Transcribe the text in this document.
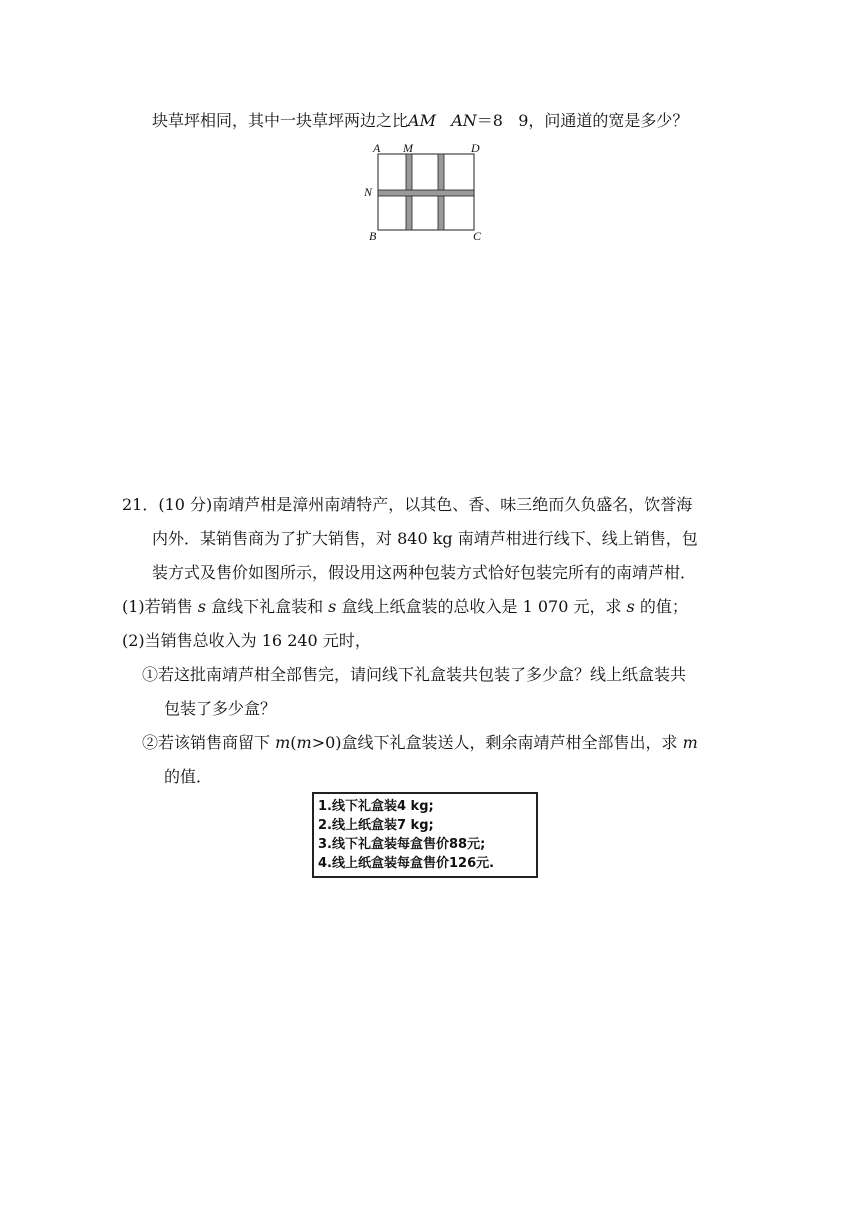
块草坪相同，其中一块草坪两边之比AM AN＝8   9，问通道的宽是多少？
A M	D
N
B	C
21．(10 分)南靖芦柑是漳州南靖特产，以其色、香、味三绝而久负盛名，饮誉海
内外．某销售商为了扩大销售，对 840 kg 南靖芦柑进行线下、线上销售，包
装方式及售价如图所示，假设用这两种包装方式恰好包装完所有的南靖芦柑．
(1)若销售 s 盒线下礼盒装和 s 盒线上纸盒装的总收入是 1 070 元，求 s 的值；
(2)当销售总收入为 16 240 元时，
①若这批南靖芦柑全部售完，请问线下礼盒装共包装了多少盒？线上纸盒装共
包装了多少盒？
②若该销售商留下 m(m>0)盒线下礼盒装送人，剩余南靖芦柑全部售出，求 m
的值．
1.线下礼盒装4 kg;
2.线上纸盒装7 kg;
3.线下礼盒装每盒售价88元;
4.线上纸盒装每盒售价126元.
